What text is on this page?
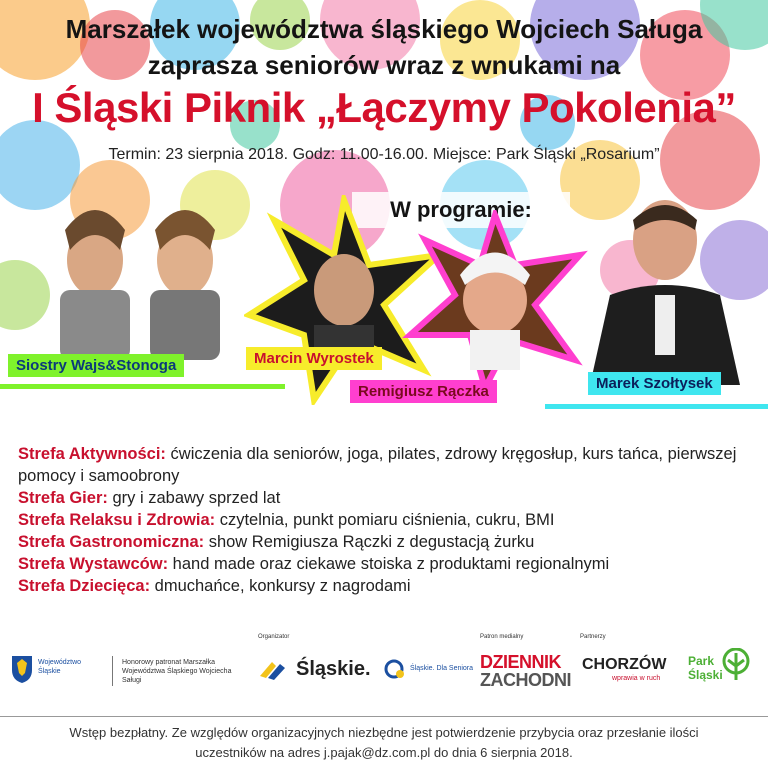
Marszałek województwa śląskiego Wojciech Saługa
zaprasza seniorów wraz z wnukami na
I Śląski Piknik „Łączymy Pokolenia”
Termin: 23 sierpnia 2018. Godz: 11.00-16.00. Miejsce: Park Śląski „Rosarium”
W programie:
Siostry Wajs&Stonoga	Marcin Wyrostek
Remigiusz Rączka	Marek Szołtysek
Strefa Aktywności: ćwiczenia dla seniorów, joga, pilates, zdrowy kręgosłup, kurs tańca, pierwszej pomocy i samoobrony
Strefa Gier: gry i zabawy sprzed lat
Strefa Relaksu i Zdrowia: czytelnia, punkt pomiaru ciśnienia, cukru, BMI
Strefa Gastronomiczna: show Remigiusza Rączki z degustacją żurku
Strefa Wystawców: hand made oraz ciekawe stoiska z produktami regionalnymi
Strefa Dziecięca: dmuchańce, konkursy z nagrodami
Województwo Śląskie
Honorowy patronat Marszałka Województwa Śląskiego Wojciecha Saługi
Organizator
Śląskie.	Śląskie. Dla Seniora
Patron medialny
DZIENNIK
ZACHODNI
Partnerzy
CHORZÓW
wprawia w ruch
Park
Śląski
Wstęp bezpłatny. Ze względów organizacyjnych niezbędne jest potwierdzenie przybycia oraz przesłanie ilości
uczestników na adres j.pajak@dz.com.pl do dnia 6 sierpnia 2018.
